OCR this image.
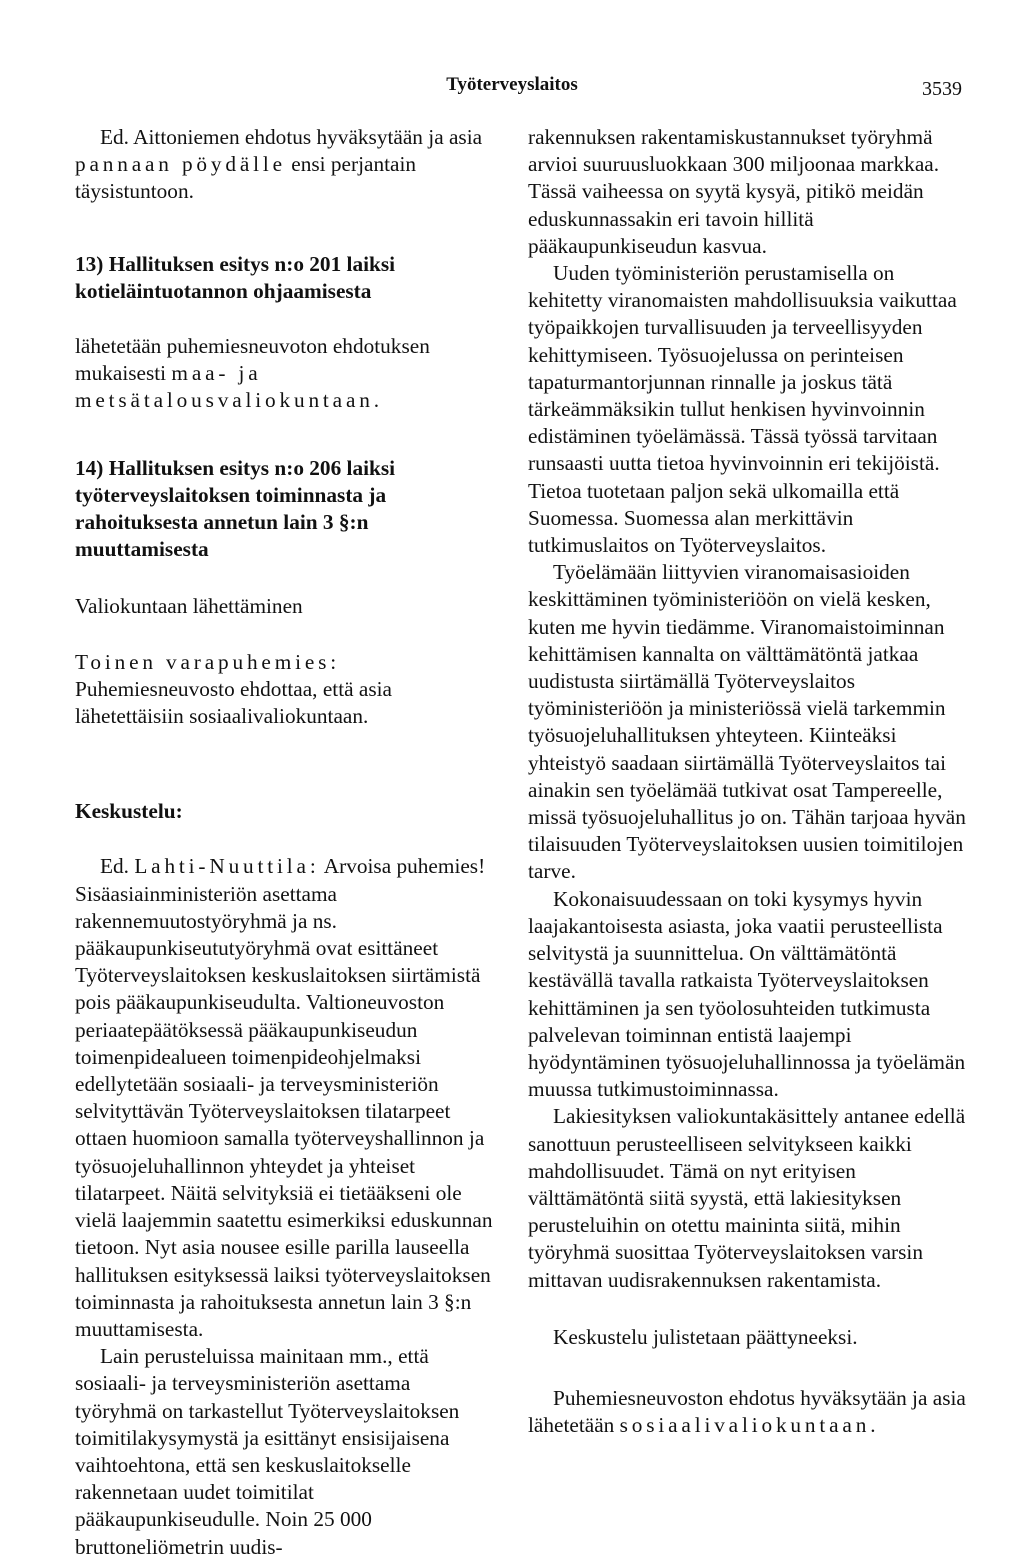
Työterveyslaitos	3539

Ed. Aittoniemen ehdotus hyväksytään ja asia pannaan pöydälle ensi perjantain täysistuntoon.

13) Hallituksen esitys n:o 201 laiksi kotieläintuotannon ohjaamisesta

lähetetään puhemiesneuvoton ehdotuksen mukaisesti maa- ja metsätalousvaliokuntaan.

14) Hallituksen esitys n:o 206 laiksi työterveyslaitoksen toiminnasta ja rahoituksesta annetun lain 3 §:n muuttamisesta

Valiokuntaan lähettäminen

Toinen varapuhemies: Puhemiesneuvosto ehdottaa, että asia lähetettäisiin sosiaalivaliokuntaan.

Keskustelu:

Ed. Lahti-Nuuttila: Arvoisa puhemies! Sisäasiainministeriön asettama rakennemuutostyöryhmä ja ns. pääkaupunkiseututyöryhmä ovat esittäneet Työterveyslaitoksen keskuslaitoksen siirtämistä pois pääkaupunkiseudulta. Valtioneuvoston periaatepäätöksessä pääkaupunkiseudun toimenpidealueen toimenpideohjelmaksi edellytetään sosiaali- ja terveysministeriön selvityttävän Työterveyslaitoksen tilatarpeet ottaen huomioon samalla työterveyshallinnon ja työsuojeluhallinnon yhteydet ja yhteiset tilatarpeet. Näitä selvityksiä ei tietääkseni ole vielä laajemmin saatettu esimerkiksi eduskunnan tietoon. Nyt asia nousee esille parilla lauseella hallituksen esityksessä laiksi työterveyslaitoksen toiminnasta ja rahoituksesta annetun lain 3 §:n muuttamisesta.

Lain perusteluissa mainitaan mm., että sosiaali- ja terveysministeriön asettama työryhmä on tarkastellut Työterveyslaitoksen toimitilakysymystä ja esittänyt ensisijaisena vaihtoehtona, että sen keskuslaitokselle rakennetaan uudet toimitilat pääkaupunkiseudulle. Noin 25 000 bruttoneliömetrin uudis-

rakennuksen rakentamiskustannukset työryhmä arvioi suuruusluokkaan 300 miljoonaa markkaa. Tässä vaiheessa on syytä kysyä, pitikö meidän eduskunnassakin eri tavoin hillitä pääkaupunkiseudun kasvua.

Uuden työministeriön perustamisella on kehitetty viranomaisten mahdollisuuksia vaikuttaa työpaikkojen turvallisuuden ja terveellisyyden kehittymiseen. Työsuojelussa on perinteisen tapaturmantorjunnan rinnalle ja joskus tätä tärkeämmäksikin tullut henkisen hyvinvoinnin edistäminen työelämässä. Tässä työssä tarvitaan runsaasti uutta tietoa hyvinvoinnin eri tekijöistä. Tietoa tuotetaan paljon sekä ulkomailla että Suomessa. Suomessa alan merkittävin tutkimuslaitos on Työterveyslaitos.

Työelämään liittyvien viranomaisasioiden keskittäminen työministeriöön on vielä kesken, kuten me hyvin tiedämme. Viranomaistoiminnan kehittämisen kannalta on välttämätöntä jatkaa uudistusta siirtämällä Työterveyslaitos työministeriöön ja ministeriössä vielä tarkemmin työsuojeluhallituksen yhteyteen. Kiinteäksi yhteistyö saadaan siirtämällä Työterveyslaitos tai ainakin sen työelämää tutkivat osat Tampereelle, missä työsuojeluhallitus jo on. Tähän tarjoaa hyvän tilaisuuden Työterveyslaitoksen uusien toimitilojen tarve.

Kokonaisuudessaan on toki kysymys hyvin laajakantoisesta asiasta, joka vaatii perusteellista selvitystä ja suunnittelua. On välttämätöntä kestävällä tavalla ratkaista Työterveyslaitoksen kehittäminen ja sen työolosuhteiden tutkimusta palvelevan toiminnan entistä laajempi hyödyntäminen työsuojeluhallinnossa ja työelämän muussa tutkimustoiminnassa.

Lakiesityksen valiokuntakäsittely antanee edellä sanottuun perusteelliseen selvitykseen kaikki mahdollisuudet. Tämä on nyt erityisen välttämätöntä siitä syystä, että lakiesityksen perusteluihin on otettu maininta siitä, mihin työryhmä suosittaa Työterveyslaitoksen varsin mittavan uudisrakennuksen rakentamista.

Keskustelu julistetaan päättyneeksi.

Puhemiesneuvoston ehdotus hyväksytään ja asia lähetetään sosiaalivaliokuntaan.
